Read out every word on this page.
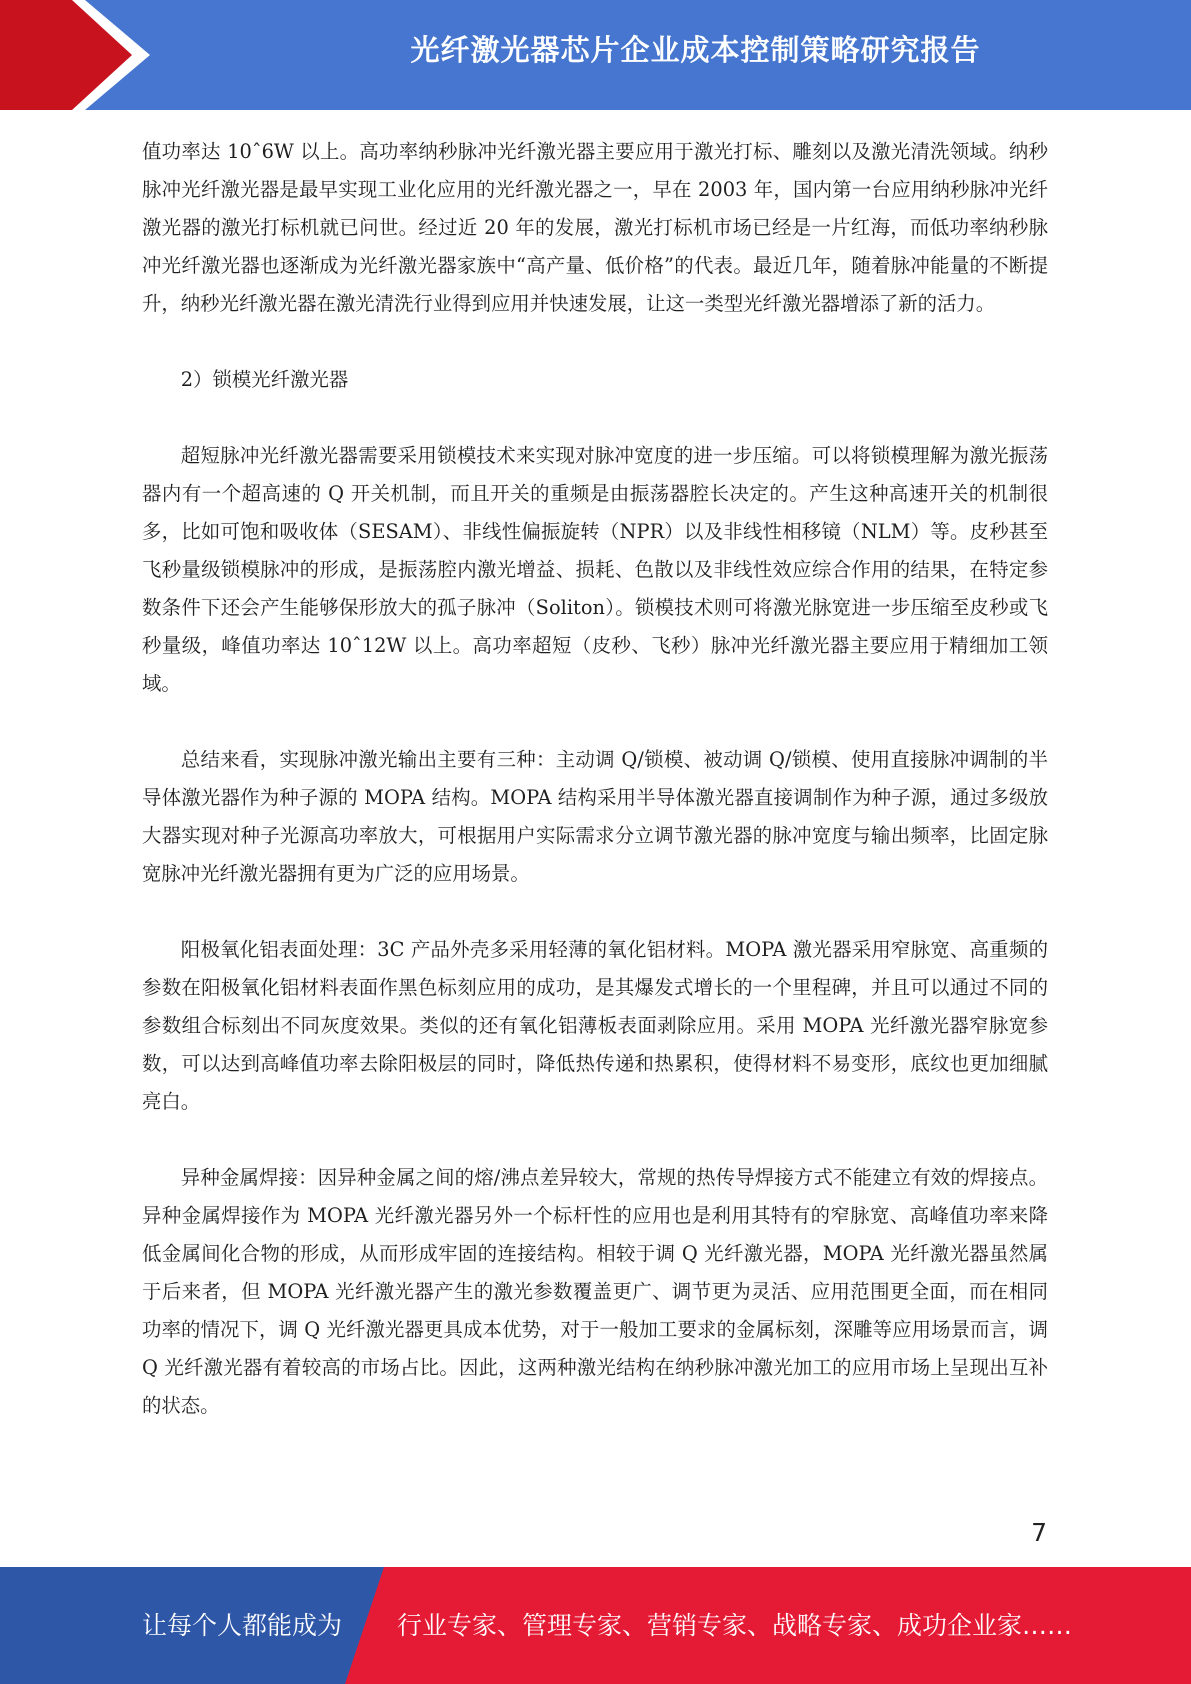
光纤激光器芯片企业成本控制策略研究报告

值功率达 10ˆ6W 以上。高功率纳秒脉冲光纤激光器主要应用于激光打标、雕刻以及激光清洗领域。纳秒脉冲光纤激光器是最早实现工业化应用的光纤激光器之一，早在 2003 年，国内第一台应用纳秒脉冲光纤激光器的激光打标机就已问世。经过近 20 年的发展，激光打标机市场已经是一片红海，而低功率纳秒脉冲光纤激光器也逐渐成为光纤激光器家族中“高产量、低价格”的代表。最近几年，随着脉冲能量的不断提升，纳秒光纤激光器在激光清洗行业得到应用并快速发展，让这一类型光纤激光器增添了新的活力。

2）锁模光纤激光器

超短脉冲光纤激光器需要采用锁模技术来实现对脉冲宽度的进一步压缩。可以将锁模理解为激光振荡器内有一个超高速的 Q 开关机制，而且开关的重频是由振荡器腔长决定的。产生这种高速开关的机制很多，比如可饱和吸收体（SESAM）、非线性偏振旋转（NPR）以及非线性相移镜（NLM）等。皮秒甚至飞秒量级锁模脉冲的形成，是振荡腔内激光增益、损耗、色散以及非线性效应综合作用的结果，在特定参数条件下还会产生能够保形放大的孤子脉冲（Soliton）。锁模技术则可将激光脉宽进一步压缩至皮秒或飞秒量级，峰值功率达 10ˆ12W 以上。高功率超短（皮秒、飞秒）脉冲光纤激光器主要应用于精细加工领域。

总结来看，实现脉冲激光输出主要有三种：主动调 Q/锁模、被动调 Q/锁模、使用直接脉冲调制的半导体激光器作为种子源的 MOPA 结构。MOPA 结构采用半导体激光器直接调制作为种子源，通过多级放大器实现对种子光源高功率放大，可根据用户实际需求分立调节激光器的脉冲宽度与输出频率，比固定脉宽脉冲光纤激光器拥有更为广泛的应用场景。

阳极氧化铝表面处理：3C 产品外壳多采用轻薄的氧化铝材料。MOPA 激光器采用窄脉宽、高重频的参数在阳极氧化铝材料表面作黑色标刻应用的成功，是其爆发式增长的一个里程碑，并且可以通过不同的参数组合标刻出不同灰度效果。类似的还有氧化铝薄板表面剥除应用。采用 MOPA 光纤激光器窄脉宽参数，可以达到高峰值功率去除阳极层的同时，降低热传递和热累积，使得材料不易变形，底纹也更加细腻亮白。

异种金属焊接：因异种金属之间的熔/沸点差异较大，常规的热传导焊接方式不能建立有效的焊接点。异种金属焊接作为 MOPA 光纤激光器另外一个标杆性的应用也是利用其特有的窄脉宽、高峰值功率来降低金属间化合物的形成，从而形成牢固的连接结构。相较于调 Q 光纤激光器，MOPA 光纤激光器虽然属于后来者，但 MOPA 光纤激光器产生的激光参数覆盖更广、调节更为灵活、应用范围更全面，而在相同功率的情况下，调 Q 光纤激光器更具成本优势，对于一般加工要求的金属标刻，深雕等应用场景而言，调 Q 光纤激光器有着较高的市场占比。因此，这两种激光结构在纳秒脉冲激光加工的应用市场上呈现出互补的状态。

7
让每个人都能成为 行业专家、管理专家、营销专家、战略专家、成功企业家……
